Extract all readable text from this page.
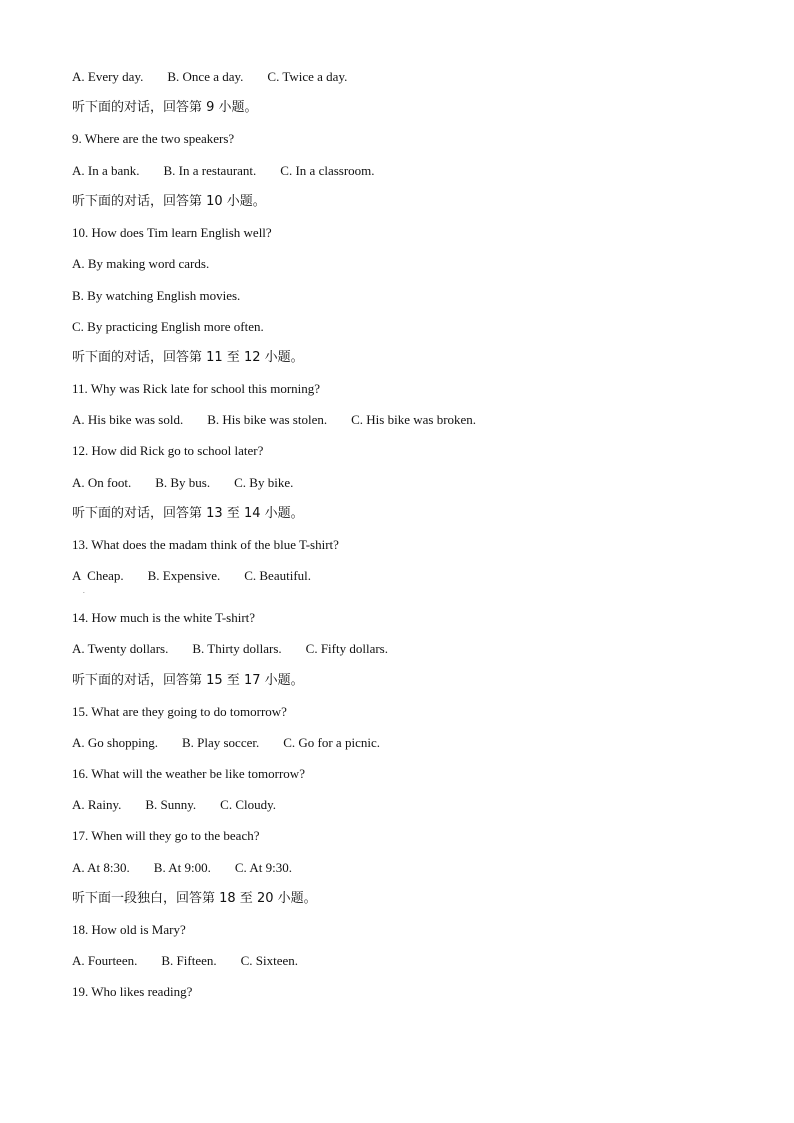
A. Every day. B. Once a day. C. Twice a day.
听下面的对话，回答第 9 小题。
9. Where are the two speakers?
A. In a bank. B. In a restaurant. C. In a classroom.
听下面的对话，回答第 10 小题。
10. How does Tim learn English well?
A. By making word cards.
B. By watching English movies.
C. By practicing English more often.
听下面的对话，回答第 11 至 12 小题。
11. Why was Rick late for school this morning?
A. His bike was sold. B. His bike was stolen. C. His bike was broken.
12. How did Rick go to school later?
A. On foot. B. By bus. C. By bike.
听下面的对话，回答第 13 至 14 小题。
13. What does the madam think of the blue T-shirt?
A  Cheap. B. Expensive. C. Beautiful.
14. How much is the white T-shirt?
A. Twenty dollars. B. Thirty dollars. C. Fifty dollars.
听下面的对话，回答第 15 至 17 小题。
15. What are they going to do tomorrow?
A. Go shopping. B. Play soccer. C. Go for a picnic.
16. What will the weather be like tomorrow?
A. Rainy. B. Sunny. C. Cloudy.
17. When will they go to the beach?
A. At 8:30. B. At 9:00. C. At 9:30.
听下面一段独白，回答第 18 至 20 小题。
18. How old is Mary?
A. Fourteen. B. Fifteen. C. Sixteen.
19. Who likes reading?
.
